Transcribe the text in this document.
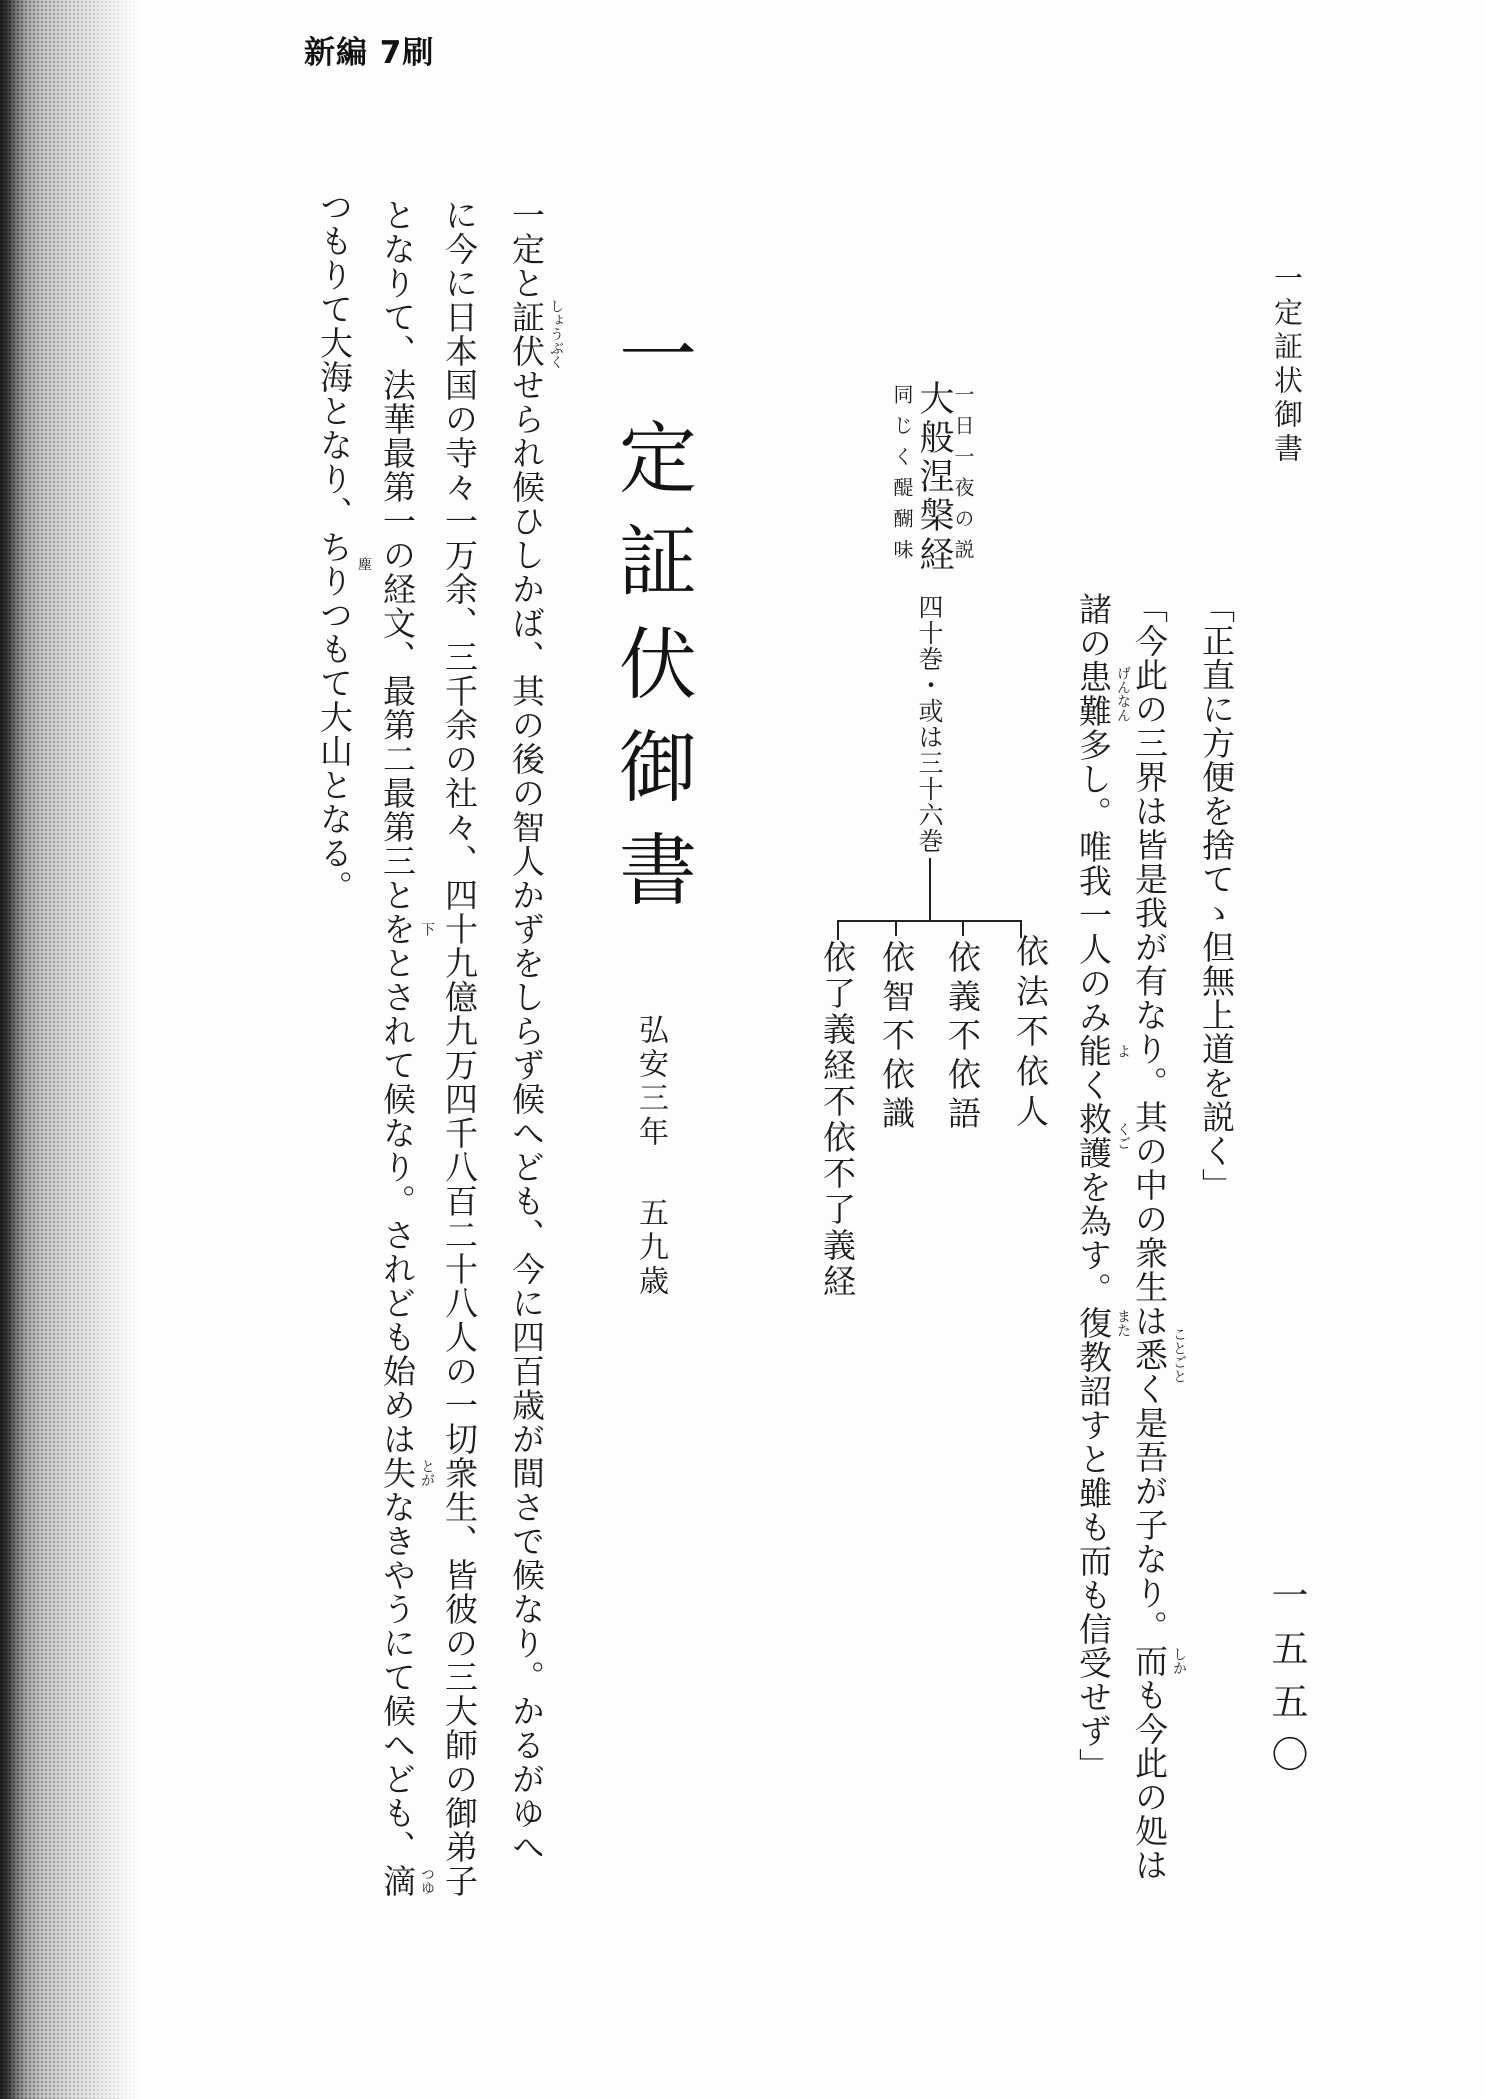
新編 7刷
一定証状御書
一五五〇
「正直に方便を捨てゝ但無上道を説く」
「今此の三界は皆是我が有なり。其の中の衆生は悉 ことごと
く是吾が子なり。而 しか
も今此の処は
諸の患難 げんなん
多し。唯我一人のみ能 よ
く救護 くご
を為す。復 また
教詔すと雖も而も信受せず」
一日一夜の説
大般涅槃経
同じく醍醐味
四十巻・或は三十六巻
依法不依人
依義不依語
依智不依識
依了義経不依不了義経
一定証伏御書
弘安三年
五九歳
一定と証伏 しょうぶく
せられ候ひしかば、其の後の智人かずをしらず候へども、今に四百歳が間さで候なり。かるがゆへ
に今に日本国の寺々一万余、三千余の社々、四十九億九万四千八百二十八人の一切衆生、皆彼の三大師の御弟子
となりて、法華最第一の経文、最第二最第三とを 下
とされて候なり。されども始めは失 とが
なきやうにて候へども、滴 つゆ
つもりて大海となり、ちり 塵
つもて大山となる。
